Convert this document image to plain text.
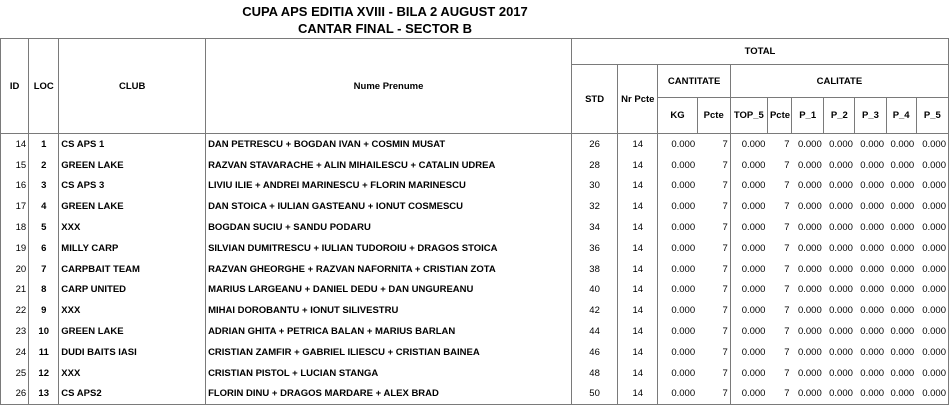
CUPA APS EDITIA XVIII - BILA 2 AUGUST 2017
CANTAR FINAL - SECTOR B
ID	LOC	CLUB	Nume Prenume	TOTAL										
				STD	Nr Pcte	CANTITATE		CALITATE						
						KG	Pcte	TOP_5	Pcte	P_1	P_2	P_3	P_4	P_5
14	1	CS APS 1	DAN PETRESCU + BOGDAN IVAN + COSMIN MUSAT	26	14	0.000	7	0.000	7	0.000	0.000	0.000	0.000	0.000
15	2	GREEN LAKE	RAZVAN STAVARACHE + ALIN MIHAILESCU + CATALIN UDREA	28	14	0.000	7	0.000	7	0.000	0.000	0.000	0.000	0.000
16	3	CS APS 3	LIVIU ILIE + ANDREI MARINESCU + FLORIN MARINESCU	30	14	0.000	7	0.000	7	0.000	0.000	0.000	0.000	0.000
17	4	GREEN LAKE	DAN STOICA + IULIAN GASTEANU + IONUT COSMESCU	32	14	0.000	7	0.000	7	0.000	0.000	0.000	0.000	0.000
18	5	XXX	BOGDAN SUCIU + SANDU PODARU	34	14	0.000	7	0.000	7	0.000	0.000	0.000	0.000	0.000
19	6	MILLY CARP	SILVIAN DUMITRESCU + IULIAN TUDOROIU + DRAGOS STOICA	36	14	0.000	7	0.000	7	0.000	0.000	0.000	0.000	0.000
20	7	CARPBAIT TEAM	RAZVAN GHEORGHE + RAZVAN NAFORNITA + CRISTIAN ZOTA	38	14	0.000	7	0.000	7	0.000	0.000	0.000	0.000	0.000
21	8	CARP UNITED	MARIUS LARGEANU + DANIEL DEDU + DAN UNGUREANU	40	14	0.000	7	0.000	7	0.000	0.000	0.000	0.000	0.000
22	9	XXX	MIHAI DOROBANTU + IONUT SILIVESTRU	42	14	0.000	7	0.000	7	0.000	0.000	0.000	0.000	0.000
23	10	GREEN LAKE	ADRIAN GHITA + PETRICA BALAN + MARIUS BARLAN	44	14	0.000	7	0.000	7	0.000	0.000	0.000	0.000	0.000
24	11	DUDI BAITS IASI	CRISTIAN ZAMFIR + GABRIEL ILIESCU + CRISTIAN BAINEA	46	14	0.000	7	0.000	7	0.000	0.000	0.000	0.000	0.000
25	12	XXX	CRISTIAN PISTOL + LUCIAN STANGA	48	14	0.000	7	0.000	7	0.000	0.000	0.000	0.000	0.000
26	13	CS APS2	FLORIN DINU + DRAGOS MARDARE + ALEX BRAD	50	14	0.000	7	0.000	7	0.000	0.000	0.000	0.000	0.000
